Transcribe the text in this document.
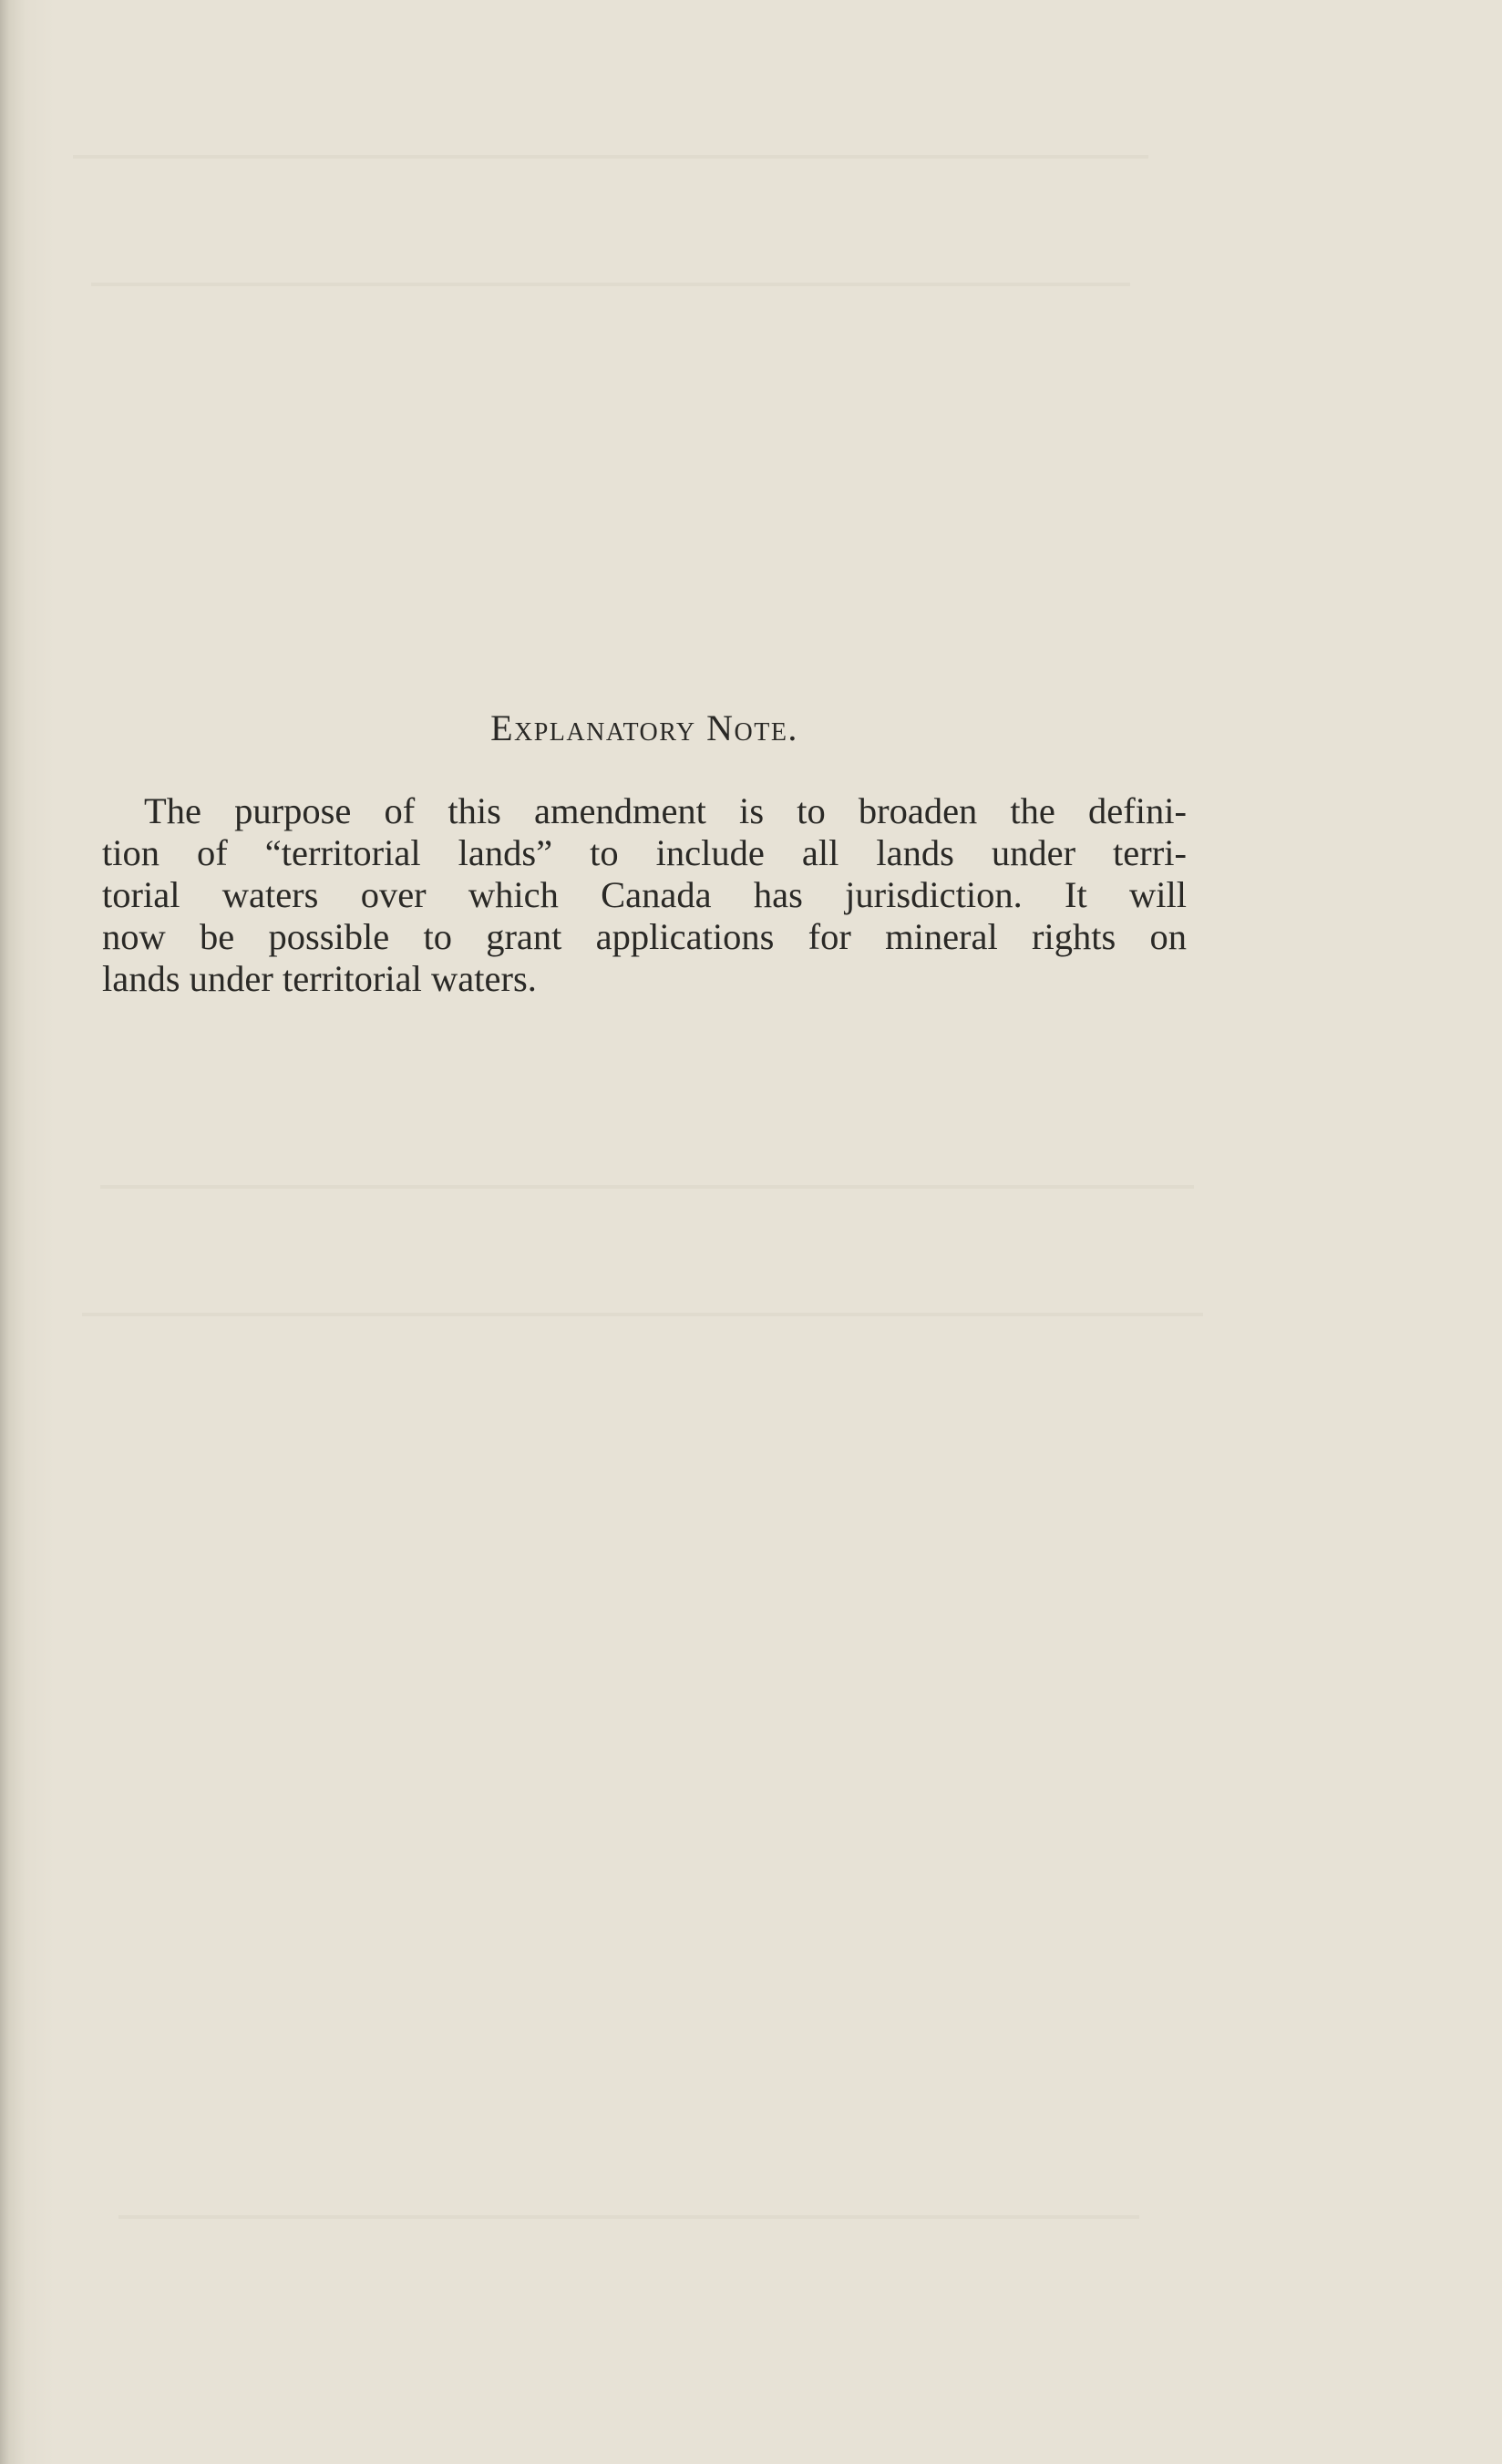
Explanatory Note.

The purpose of this amendment is to broaden the defini-
tion of “territorial lands” to include all lands under terri-
torial waters over which Canada has jurisdiction. It will
now be possible to grant applications for mineral rights on
lands under territorial waters.
